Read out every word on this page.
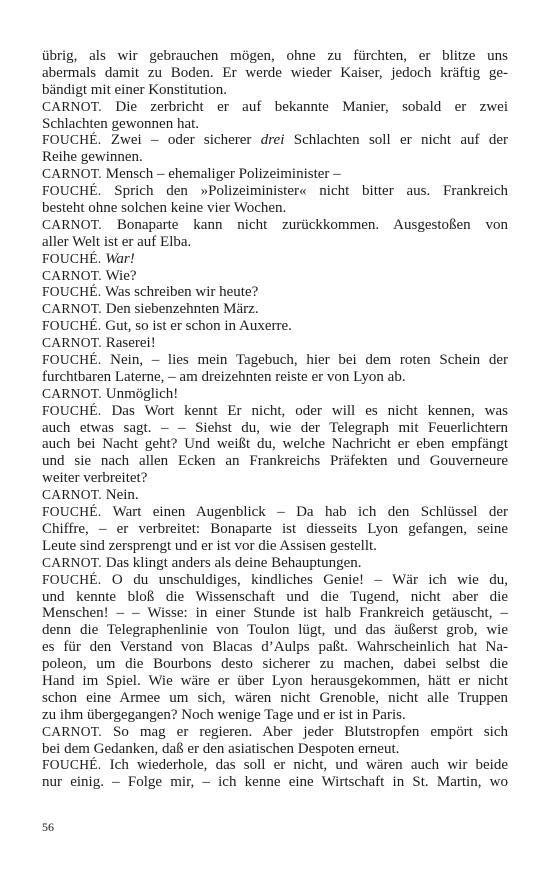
übrig, als wir gebrauchen mögen, ohne zu fürchten, er blitze uns
abermals damit zu Boden. Er werde wieder Kaiser, jedoch kräftig ge-
bändigt mit einer Konstitution.
CARNOT. Die zerbricht er auf bekannte Manier, sobald er zwei
Schlachten gewonnen hat.
FOUCHÉ. Zwei – oder sicherer drei Schlachten soll er nicht auf der
Reihe gewinnen.
CARNOT. Mensch – ehemaliger Polizeiminister –
FOUCHÉ. Sprich den »Polizeiminister« nicht bitter aus. Frankreich
besteht ohne solchen keine vier Wochen.
CARNOT. Bonaparte kann nicht zurückkommen. Ausgestoßen von
aller Welt ist er auf Elba.
FOUCHÉ. War!
CARNOT. Wie?
FOUCHÉ. Was schreiben wir heute?
CARNOT. Den siebenzehnten März.
FOUCHÉ. Gut, so ist er schon in Auxerre.
CARNOT. Raserei!
FOUCHÉ. Nein, – lies mein Tagebuch, hier bei dem roten Schein der
furchtbaren Laterne, – am dreizehnten reiste er von Lyon ab.
CARNOT. Unmöglich!
FOUCHÉ. Das Wort kennt Er nicht, oder will es nicht kennen, was
auch etwas sagt. – – Siehst du, wie der Telegraph mit Feuerlichtern
auch bei Nacht geht? Und weißt du, welche Nachricht er eben empfängt
und sie nach allen Ecken an Frankreichs Präfekten und Gouverneure
weiter verbreitet?
CARNOT. Nein.
FOUCHÉ. Wart einen Augenblick – Da hab ich den Schlüssel der
Chiffre, – er verbreitet: Bonaparte ist diesseits Lyon gefangen, seine
Leute sind zersprengt und er ist vor die Assisen gestellt.
CARNOT. Das klingt anders als deine Behauptungen.
FOUCHÉ. O du unschuldiges, kindliches Genie! – Wär ich wie du,
und kennte bloß die Wissenschaft und die Tugend, nicht aber die
Menschen! – – Wisse: in einer Stunde ist halb Frankreich getäuscht, –
denn die Telegraphenlinie von Toulon lügt, und das äußerst grob, wie
es für den Verstand von Blacas d’Aulps paßt. Wahrscheinlich hat Na-
poleon, um die Bourbons desto sicherer zu machen, dabei selbst die
Hand im Spiel. Wie wäre er über Lyon herausgekommen, hätt er nicht
schon eine Armee um sich, wären nicht Grenoble, nicht alle Truppen
zu ihm übergegangen? Noch wenige Tage und er ist in Paris.
CARNOT. So mag er regieren. Aber jeder Blutstropfen empört sich
bei dem Gedanken, daß er den asiatischen Despoten erneut.
FOUCHÉ. Ich wiederhole, das soll er nicht, und wären auch wir beide
nur einig. – Folge mir, – ich kenne eine Wirtschaft in St. Martin, wo
56
